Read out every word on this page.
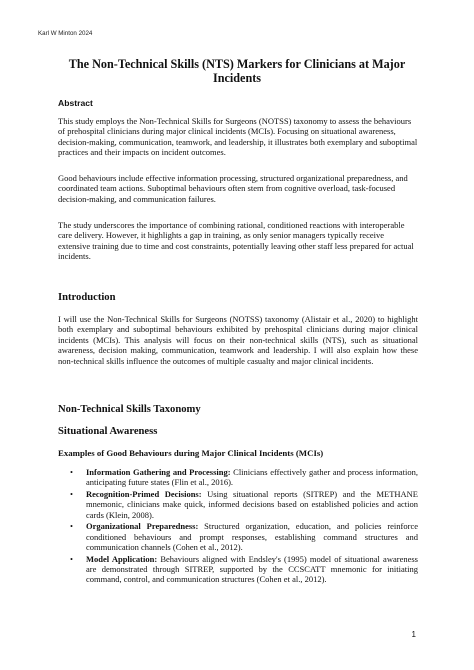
Karl W Minton 2024
The Non-Technical Skills (NTS) Markers for Clinicians at Major Incidents
Abstract

This study employs the Non-Technical Skills for Surgeons (NOTSS) taxonomy to assess the behaviours of prehospital clinicians during major clinical incidents (MCIs). Focusing on situational awareness, decision-making, communication, teamwork, and leadership, it illustrates both exemplary and suboptimal practices and their impacts on incident outcomes.

Good behaviours include effective information processing, structured organizational preparedness, and coordinated team actions. Suboptimal behaviours often stem from cognitive overload, task-focused decision-making, and communication failures.

The study underscores the importance of combining rational, conditioned reactions with interoperable care delivery. However, it highlights a gap in training, as only senior managers typically receive extensive training due to time and cost constraints, potentially leaving other staff less prepared for actual incidents.

Introduction

I will use the Non-Technical Skills for Surgeons (NOTSS) taxonomy (Alistair et al., 2020) to highlight both exemplary and suboptimal behaviours exhibited by prehospital clinicians during major clinical incidents (MCIs). This analysis will focus on their non-technical skills (NTS), such as situational awareness, decision making, communication, teamwork and leadership. I will also explain how these non-technical skills influence the outcomes of multiple casualty and major clinical incidents.

Non-Technical Skills Taxonomy
Situational Awareness
Examples of Good Behaviours during Major Clinical Incidents (MCIs)
• Information Gathering and Processing: Clinicians effectively gather and process information, anticipating future states (Flin et al., 2016).
• Recognition-Primed Decisions: Using situational reports (SITREP) and the METHANE mnemonic, clinicians make quick, informed decisions based on established policies and action cards (Klein, 2008).
• Organizational Preparedness: Structured organization, education, and policies reinforce conditioned behaviours and prompt responses, establishing command structures and communication channels (Cohen et al., 2012).
• Model Application: Behaviours aligned with Endsley's (1995) model of situational awareness are demonstrated through SITREP, supported by the CCSCATT mnemonic for initiating command, control, and communication structures (Cohen et al., 2012).
1
